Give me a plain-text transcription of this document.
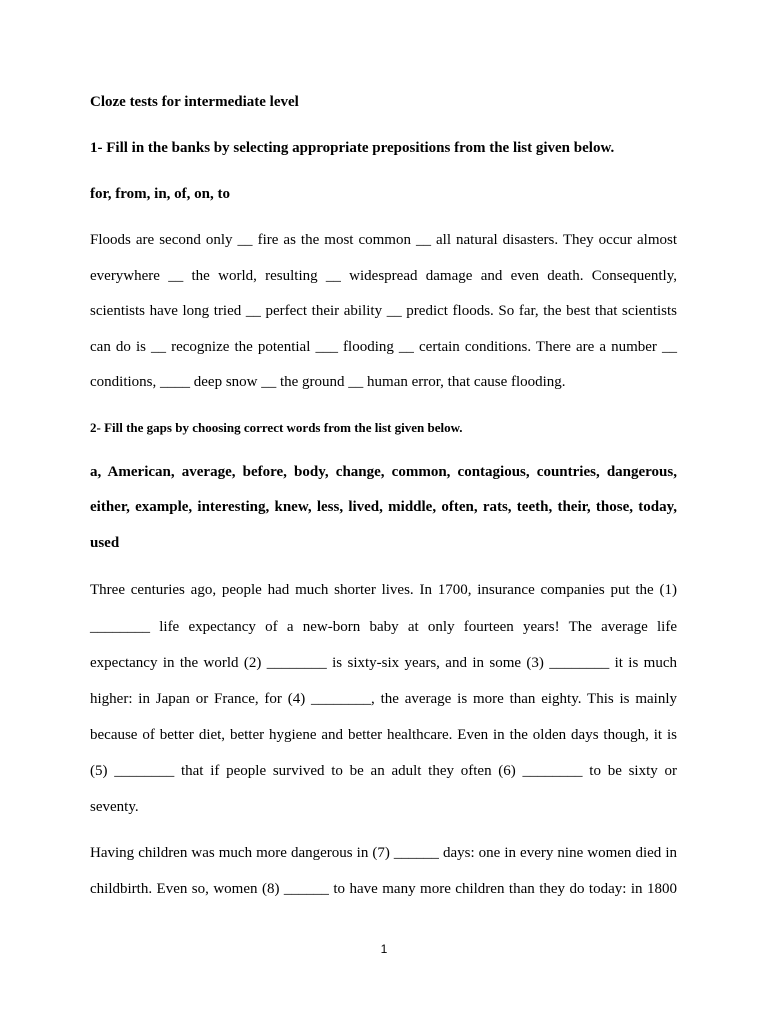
Cloze tests for intermediate level
1- Fill in the banks by selecting appropriate prepositions from the list given below.
for, from, in, of, on, to
Floods are second only __ fire as the most common __ all natural disasters. They occur almost
everywhere __ the world, resulting __ widespread damage and even death. Consequently,
scientists have long tried __ perfect their ability __ predict floods. So far, the best that scientists
can do is __ recognize the potential ___ flooding __ certain conditions. There are a number __
conditions, ____ deep snow __ the ground __ human error, that cause flooding.
2- Fill the gaps by choosing correct words from the list given below.
a, American, average, before, body, change, common, contagious, countries, dangerous,
either, example, interesting, knew, less, lived, middle, often, rats, teeth, their, those, today,
used
Three centuries ago, people had much shorter lives. In 1700, insurance companies put the (1)
________ life expectancy of a new-born baby at only fourteen years! The average life
expectancy in the world (2) ________ is sixty-six years, and in some (3) ________ it is much
higher: in Japan or France, for (4) ________, the average is more than eighty. This is mainly
because of better diet, better hygiene and better healthcare. Even in the olden days though, it is
(5) ________ that if people survived to be an adult they often (6) ________ to be sixty or
seventy.
Having children was much more dangerous in (7) ______ days: one in every nine women died in
childbirth. Even so, women (8) ______ to have many more children than they do today: in 1800
1
